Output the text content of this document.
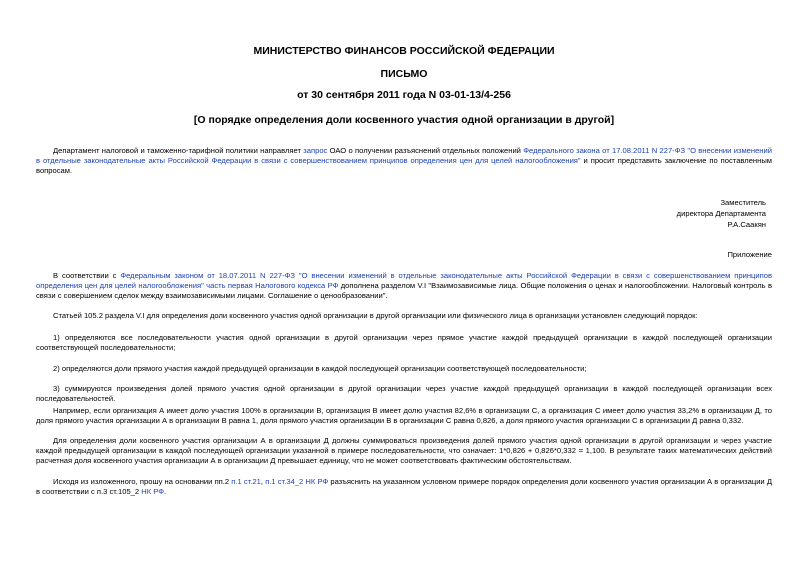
МИНИСТЕРСТВО ФИНАНСОВ РОССИЙСКОЙ ФЕДЕРАЦИИ
ПИСЬМО
от 30 сентября 2011 года N 03-01-13/4-256
[О порядке определения доли косвенного участия одной организации в другой]

Департамент налоговой и таможенно-тарифной политики направляет запрос ОАО о получении разъяснений отдельных положений Федерального закона от 17.08.2011 N 227-ФЗ "О внесении изменений в отдельные законодательные акты Российской Федерации в связи с совершенствованием принципов определения цен для целей налогообложения" и просит представить заключение по поставленным вопросам.

Заместитель
директора Департамента
Р.А.Саакян
Приложение

В соответствии с Федеральным законом от 18.07.2011 N 227-ФЗ "О внесении изменений в отдельные законодательные акты Российской Федерации в связи с совершенствованием принципов определения цен для целей налогообложения" часть первая Налогового кодекса РФ дополнена разделом V.I "Взаимозависимые лица. Общие положения о ценах и налогообложении. Налоговый контроль в связи с совершением сделок между взаимозависимыми лицами. Соглашение о ценообразовании".

Статьей 105.2 раздела V.I для определения доли косвенного участия одной организации в другой организации или физического лица в организации установлен следующий порядок:

1) определяются все последовательности участия одной организации в другой организации через прямое участие каждой предыдущей организации в каждой последующей организации соответствующей последовательности;

2) определяются доли прямого участия каждой предыдущей организации в каждой последующей организации соответствующей последовательности;

3) суммируются произведения долей прямого участия одной организации в другой организации через участие каждой предыдущей организации в каждой последующей организации всех последовательностей.

Например, если организация А имеет долю участия 100% в организации В, организация В имеет долю участия 82,6% в организации С, а организация С имеет долю участия 33,2% в организации Д, то доля прямого участия организации А в организации В равна 1, доля прямого участия организации В в организации С равна 0,826, а доля прямого участия организации С в организации Д равна 0,332.

Для определения доли косвенного участия организации А в организации Д должны суммироваться произведения долей прямого участия одной организации в другой организации и через участие каждой предыдущей организации в каждой последующей организации указанной в примере последовательности, что означает: 1*0,826 + 0,826*0,332 = 1,100. В результате таких математических действий расчетная доля косвенного участия организации А в организации Д превышает единицу, что не может соответствовать фактическим обстоятельствам.

Исходя из изложенного, прошу на основании пп.2 п.1 ст.21, п.1 ст.34_2 НК РФ разъяснить на указанном условном примере порядок определения доли косвенного участия организации А в организации Д в соответствии с п.3 ст.105_2 НК РФ.
